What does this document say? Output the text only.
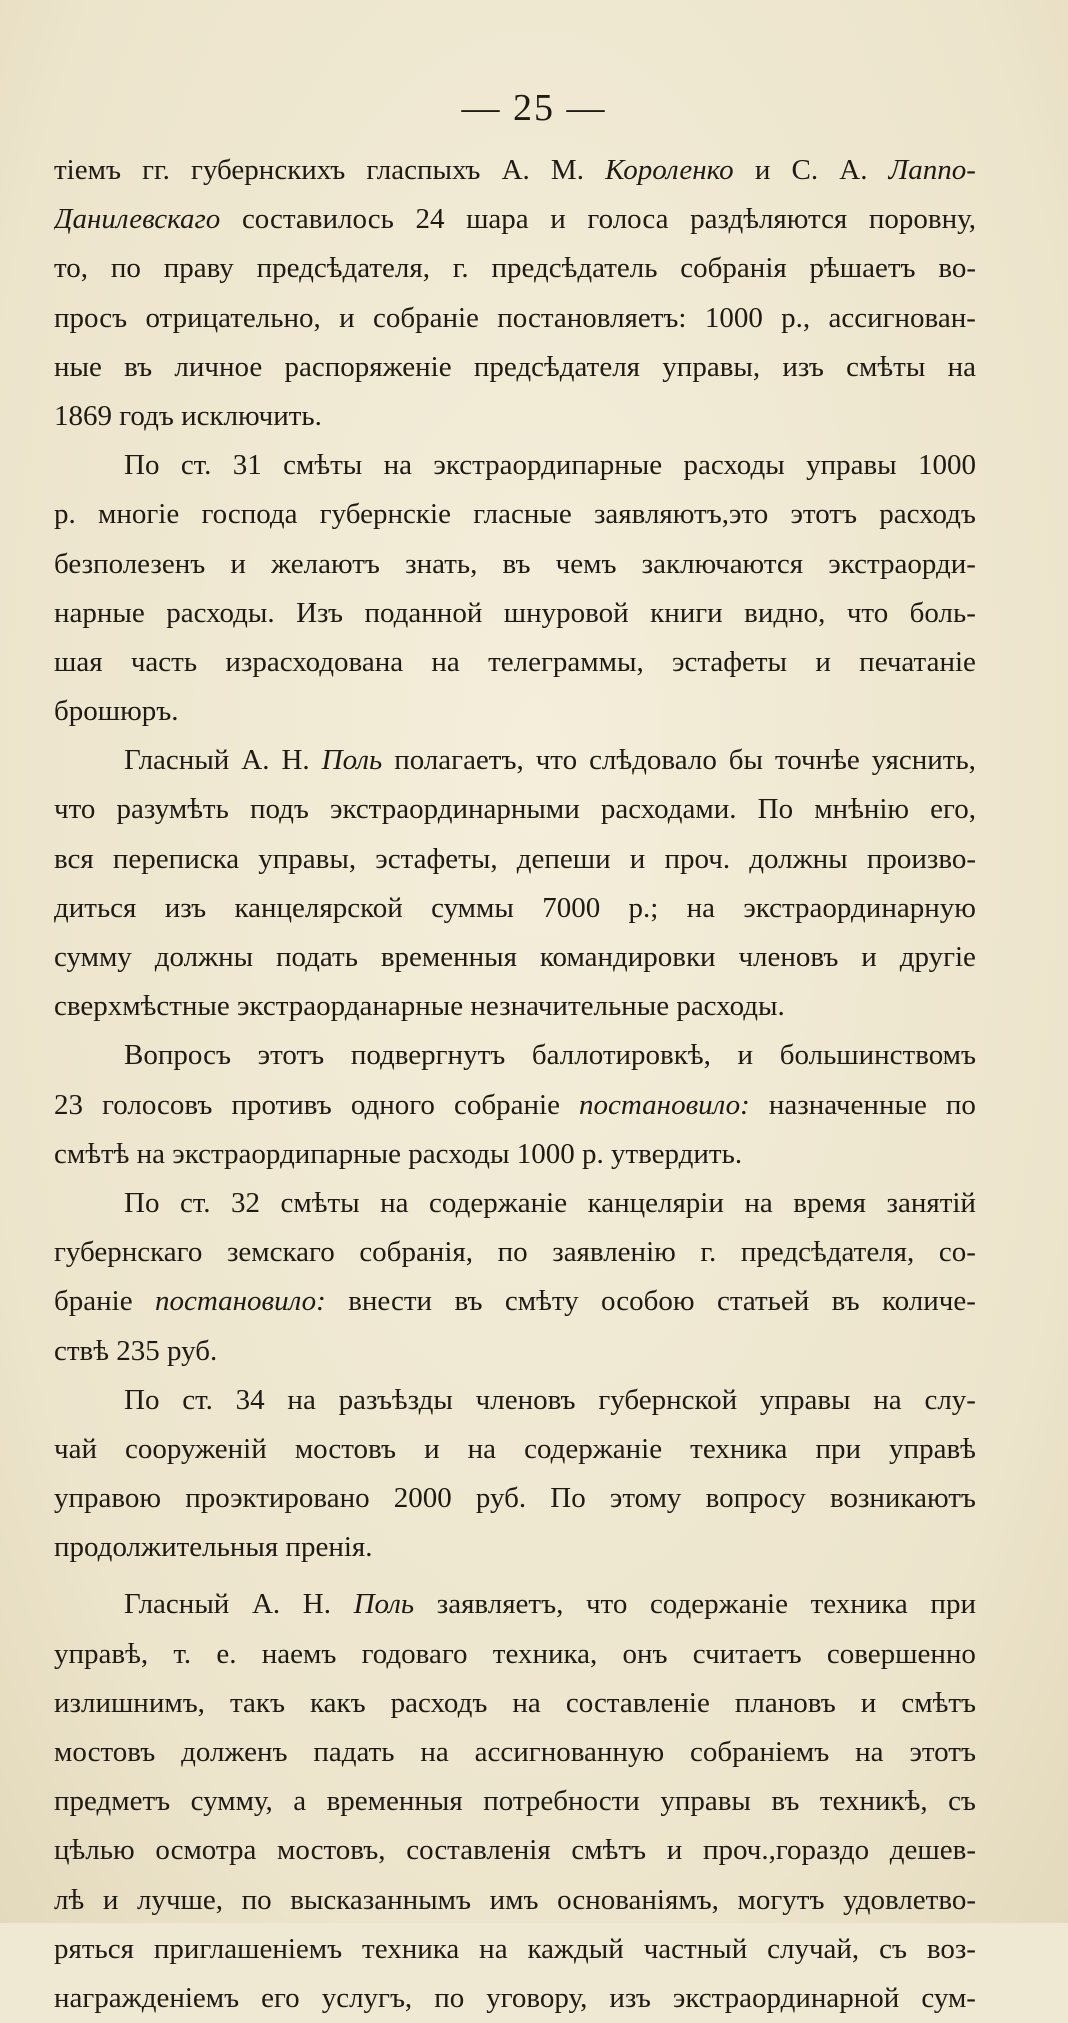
— 25 —
тіемъ гг. губернскихъ гласпыхъ А. М. Короленко и С. А. Лаппо-
Данилевскаго составилось 24 шара и голоса раздѣляются поровну,
то, по праву предсѣдателя, г. предсѣдатель собранія рѣшаетъ во-
просъ отрицательно, и собраніе постановляетъ: 1000 р., ассигнован-
ные въ личное распоряженіе предсѣдателя управы, изъ смѣты на
1869 годъ исключить.
По ст. 31 смѣты на экстраордипарные расходы управы 1000
р. многіе господа губернскіе гласные заявляютъ,это этотъ расходъ
безполезенъ и желаютъ знать, въ чемъ заключаются экстраорди-
нарные расходы. Изъ поданной шнуровой книги видно, что боль-
шая часть израсходована на телеграммы, эстафеты и печатаніе
брошюръ.
Гласный А. Н. Поль полагаетъ, что слѣдовало бы точнѣе уяснить,
что разумѣть подъ экстраординарными расходами. По мнѣнію его,
вся переписка управы, эстафеты, депеши и проч. должны произво-
диться изъ канцелярской суммы 7000 р.; на экстраординарную
сумму должны подать временныя командировки членовъ и другіе
сверхмѣстные экстраорданарные незначительные расходы.
Вопросъ этотъ подвергнутъ баллотировкѣ, и большинствомъ
23 голосовъ противъ одного собраніе постановило: назначенные по
смѣтѣ на экстраордипарные расходы 1000 р. утвердить.
По ст. 32 смѣты на содержаніе канцеляріи на время занятій
губернскаго земскаго собранія, по заявленію г. предсѣдателя, со-
браніе постановило: внести въ смѣту особою статьей въ количе-
ствѣ 235 руб.
По ст. 34 на разъѣзды членовъ губернской управы на слу-
чай сооруженій мостовъ и на содержаніе техника при управѣ
управою проэктировано 2000 руб. По этому вопросу возникаютъ
продолжительныя пренія.
Гласный А. Н. Поль заявляетъ, что содержаніе техника при
управѣ, т. е. наемъ годоваго техника, онъ считаетъ совершенно
излишнимъ, такъ какъ расходъ на составленіе плановъ и смѣтъ
мостовъ долженъ падать на ассигнованную собраніемъ на этотъ
предметъ сумму, а временныя потребности управы въ техникѣ, съ
цѣлью осмотра мостовъ, составленія смѣтъ и проч.,гораздо дешев-
лѣ и лучше, по высказаннымъ имъ основаніямъ, могутъ удовлетво-
ряться приглашеніемъ техника на каждый частный случай, съ воз-
награжденіемъ его услугъ, по уговору, изъ экстраординарной сум-
